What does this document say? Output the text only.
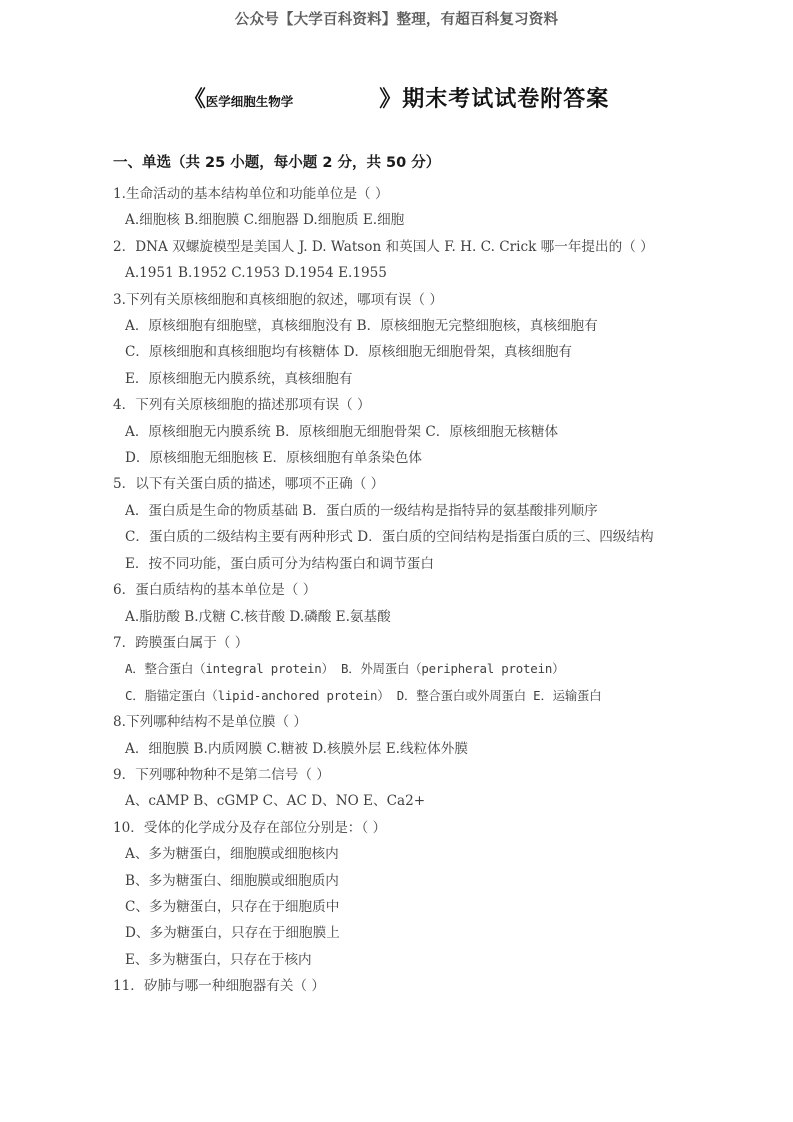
公众号【大学百科资料】整理，有超百科复习资料
《医学细胞生物学	》期末考试试卷附答案
一、单选（共 25 小题，每小题 2 分，共 50 分）
1.生命活动的基本结构单位和功能单位是（ ）
A.细胞核 B.细胞膜 C.细胞器 D.细胞质 E.细胞
2．DNA 双螺旋模型是美国人 J. D. Watson 和英国人 F. H. C. Crick 哪一年提出的（ ）
A.1951 B.1952 C.1953 D.1954 E.1955
3.下列有关原核细胞和真核细胞的叙述，哪项有误（ ）
A．原核细胞有细胞壁，真核细胞没有 B．原核细胞无完整细胞核，真核细胞有
C．原核细胞和真核细胞均有核糖体 D．原核细胞无细胞骨架，真核细胞有
E．原核细胞无内膜系统，真核细胞有
4．下列有关原核细胞的描述那项有误（ ）
A．原核细胞无内膜系统 B．原核细胞无细胞骨架 C．原核细胞无核糖体
D．原核细胞无细胞核 E．原核细胞有单条染色体
5．以下有关蛋白质的描述，哪项不正确（ ）
A．蛋白质是生命的物质基础 B．蛋白质的一级结构是指特异的氨基酸排列顺序
C．蛋白质的二级结构主要有两种形式 D．蛋白质的空间结构是指蛋白质的三、四级结构
E．按不同功能，蛋白质可分为结构蛋白和调节蛋白
6．蛋白质结构的基本单位是（ ）
A.脂肪酸 B.戊糖 C.核苷酸 D.磷酸 E.氨基酸
7．跨膜蛋白属于（ ）
A．整合蛋白（integral protein） B．外周蛋白（peripheral protein）
C．脂锚定蛋白（lipid-anchored protein） D．整合蛋白或外周蛋白 E．运输蛋白
8.下列哪种结构不是单位膜（ ）
A．细胞膜 B.内质网膜 C.糖被 D.核膜外层 E.线粒体外膜
9．下列哪种物种不是第二信号（ ）
A、cAMP B、cGMP C、AC D、NO E、Ca2+
10．受体的化学成分及存在部位分别是：（ ）
A、多为糖蛋白，细胞膜或细胞核内
B、多为糖蛋白、细胞膜或细胞质内
C、多为糖蛋白，只存在于细胞质中
D、多为糖蛋白，只存在于细胞膜上
E、多为糖蛋白，只存在于核内
11．矽肺与哪一种细胞器有关（ ）
